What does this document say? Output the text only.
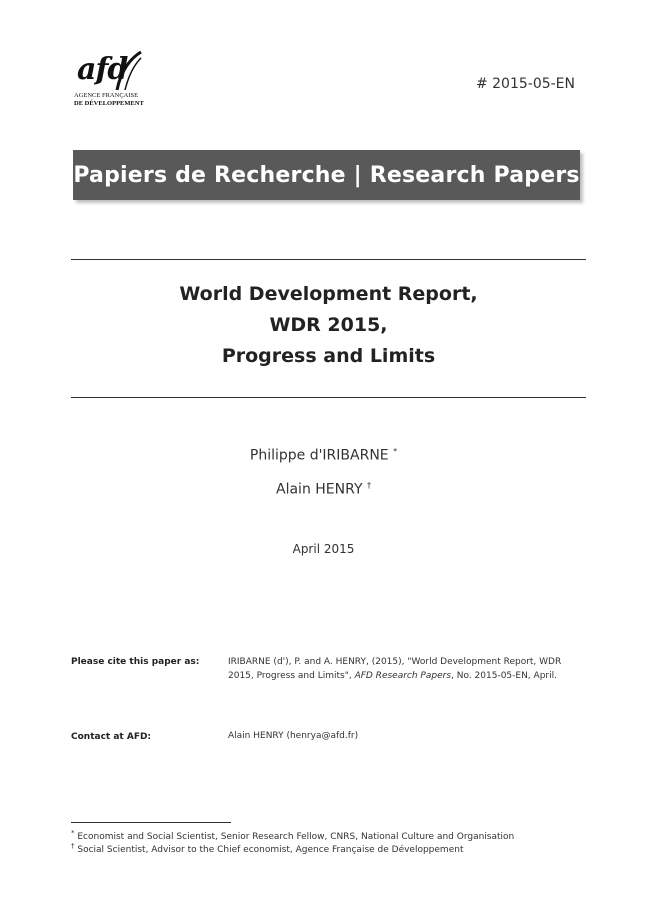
afd
AGENCE FRANÇAISE
DE DÉVELOPPEMENT
# 2015-05-EN
Papiers de Recherche | Research Papers
World Development Report,
WDR 2015,
Progress and Limits
Philippe d'IRIBARNE *
Alain HENRY †
April 2015
Please cite this paper as:	IRIBARNE (d'), P. and A. HENRY, (2015), "World Development Report, WDR 2015, Progress and Limits", AFD Research Papers, No. 2015-05-EN, April.
Contact at AFD:	Alain HENRY (henrya@afd.fr)
* Economist and Social Scientist, Senior Research Fellow, CNRS, National Culture and Organisation
† Social Scientist, Advisor to the Chief economist, Agence Française de Développement
